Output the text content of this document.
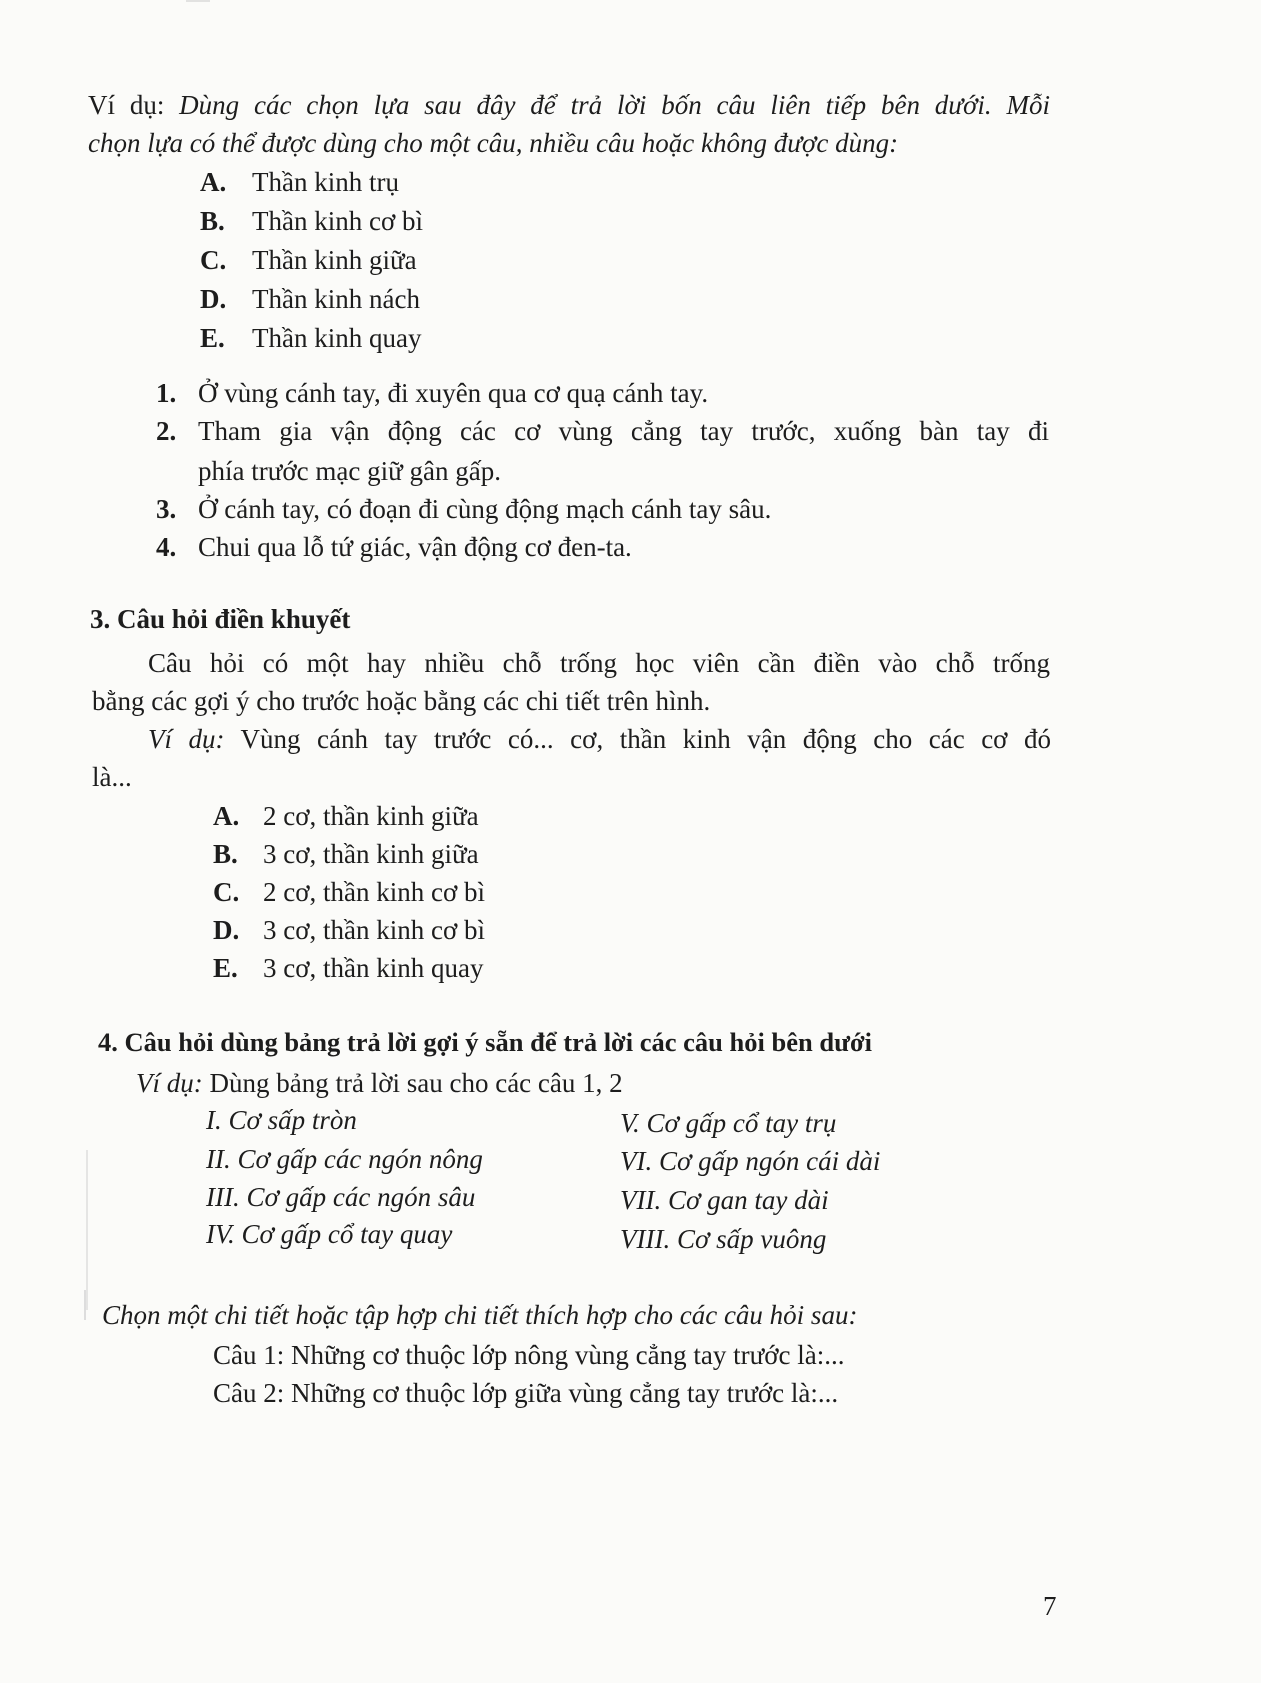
Ví dụ: Dùng các chọn lựa sau đây để trả lời bốn câu liên tiếp bên dưới. Mỗi
chọn lựa có thể được dùng cho một câu, nhiều câu hoặc không được dùng:
A. Thần kinh trụ
B. Thần kinh cơ bì
C. Thần kinh giữa
D. Thần kinh nách
E. Thần kinh quay
1. Ở vùng cánh tay, đi xuyên qua cơ quạ cánh tay.
2. Tham gia vận động các cơ vùng cẳng tay trước, xuống bàn tay đi
phía trước mạc giữ gân gấp.
3. Ở cánh tay, có đoạn đi cùng động mạch cánh tay sâu.
4. Chui qua lỗ tứ giác, vận động cơ đen-ta.
3. Câu hỏi điền khuyết
Câu hỏi có một hay nhiều chỗ trống học viên cần điền vào chỗ trống
bằng các gợi ý cho trước hoặc bằng các chi tiết trên hình.
Ví dụ: Vùng cánh tay trước có... cơ, thần kinh vận động cho các cơ đó
là...
A. 2 cơ, thần kinh giữa
B. 3 cơ, thần kinh giữa
C. 2 cơ, thần kinh cơ bì
D. 3 cơ, thần kinh cơ bì
E. 3 cơ, thần kinh quay
4. Câu hỏi dùng bảng trả lời gợi ý sẵn để trả lời các câu hỏi bên dưới
Ví dụ: Dùng bảng trả lời sau cho các câu 1, 2
I. Cơ sấp tròn
II. Cơ gấp các ngón nông
III. Cơ gấp các ngón sâu
IV. Cơ gấp cổ tay quay
V. Cơ gấp cổ tay trụ
VI. Cơ gấp ngón cái dài
VII. Cơ gan tay dài
VIII. Cơ sấp vuông
Chọn một chi tiết hoặc tập hợp chi tiết thích hợp cho các câu hỏi sau:
Câu 1: Những cơ thuộc lớp nông vùng cẳng tay trước là:...
Câu 2: Những cơ thuộc lớp giữa vùng cẳng tay trước là:...
7
